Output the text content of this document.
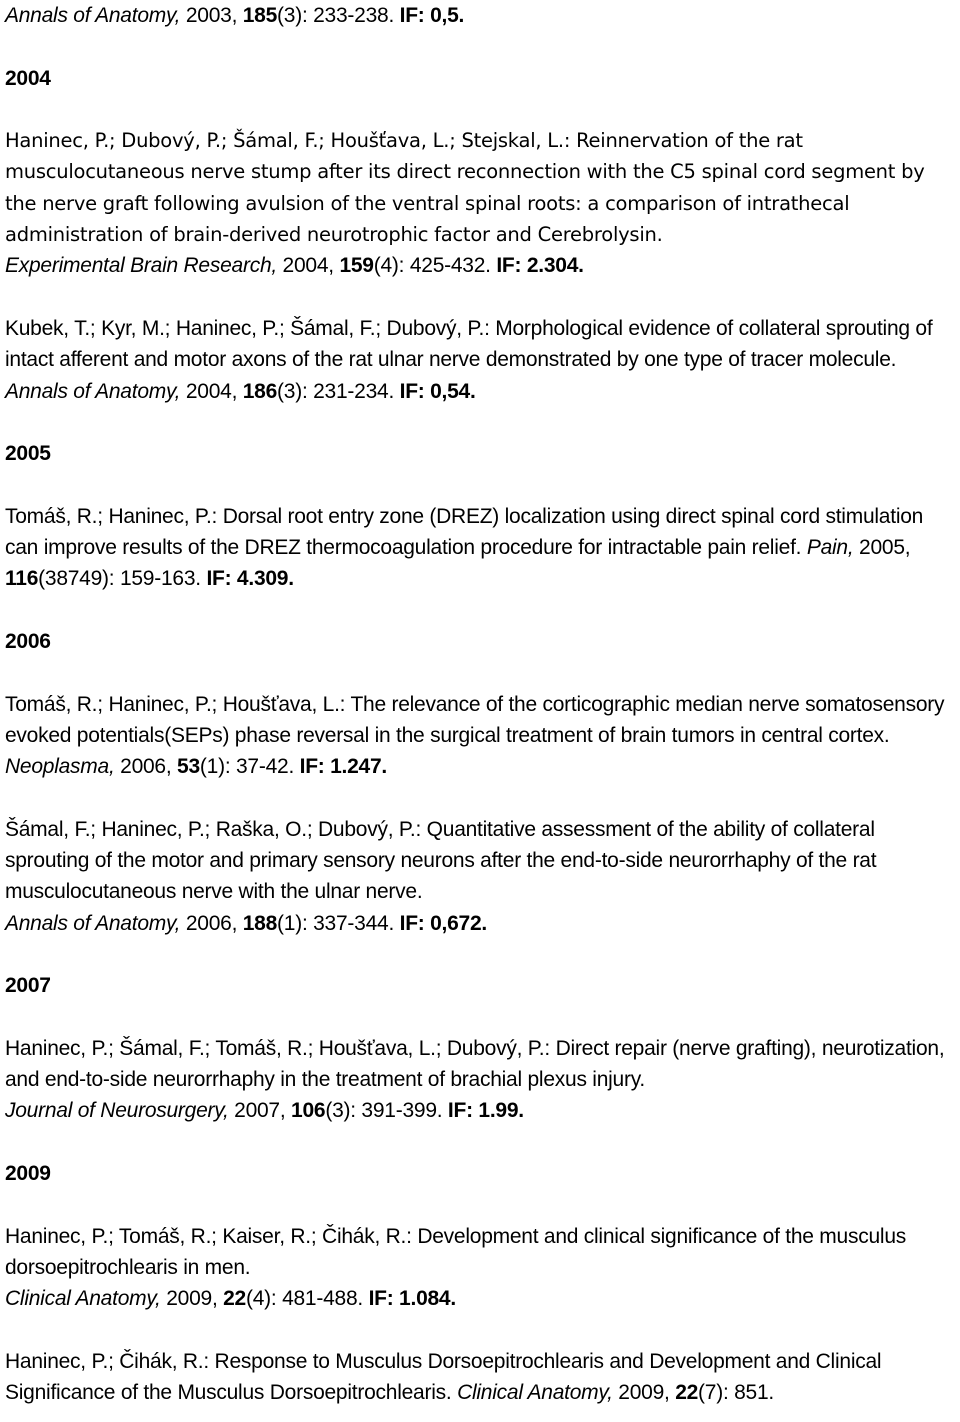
Annals of Anatomy, 2003, 185(3): 233-238. IF: 0,5.

2004

Haninec, P.; Dubový, P.; Šámal, F.; Houšťava, L.; Stejskal, L.: Reinnervation of the rat musculocutaneous nerve stump after its direct reconnection with the C5 spinal cord segment by the nerve graft following avulsion of the ventral spinal roots: a comparison of intrathecal administration of brain-derived neurotrophic factor and Cerebrolysin.
Experimental Brain Research, 2004, 159(4): 425-432. IF: 2.304.

Kubek, T.; Kyr, M.; Haninec, P.; Šámal, F.; Dubový, P.: Morphological evidence of collateral sprouting of intact afferent and motor axons of the rat ulnar nerve demonstrated by one type of tracer molecule. Annals of Anatomy, 2004, 186(3): 231-234. IF: 0,54.

2005

Tomáš, R.; Haninec, P.: Dorsal root entry zone (DREZ) localization using direct spinal cord stimulation can improve results of the DREZ thermocoagulation procedure for intractable pain relief. Pain, 2005, 116(38749): 159-163. IF: 4.309.

2006

Tomáš, R.; Haninec, P.; Houšťava, L.: The relevance of the corticographic median nerve somatosensory evoked potentials(SEPs) phase reversal in the surgical treatment of brain tumors in central cortex. Neoplasma, 2006, 53(1): 37-42. IF: 1.247.

Šámal, F.; Haninec, P.; Raška, O.; Dubový, P.: Quantitative assessment of the ability of collateral sprouting of the motor and primary sensory neurons after the end-to-side neurorrhaphy of the rat musculocutaneous nerve with the ulnar nerve.
Annals of Anatomy, 2006, 188(1): 337-344. IF: 0,672.

2007

Haninec, P.; Šámal, F.; Tomáš, R.; Houšťava, L.; Dubový, P.: Direct repair (nerve grafting), neurotization, and end-to-side neurorrhaphy in the treatment of brachial plexus injury.
Journal of Neurosurgery, 2007, 106(3): 391-399. IF: 1.99.

2009

Haninec, P.; Tomáš, R.; Kaiser, R.; Čihák, R.: Development and clinical significance of the musculus dorsoepitrochlearis in men.
Clinical Anatomy, 2009, 22(4): 481-488. IF: 1.084.

Haninec, P.; Čihák, R.: Response to Musculus Dorsoepitrochlearis and Development and Clinical Significance of the Musculus Dorsoepitrochlearis. Clinical Anatomy, 2009, 22(7): 851.
